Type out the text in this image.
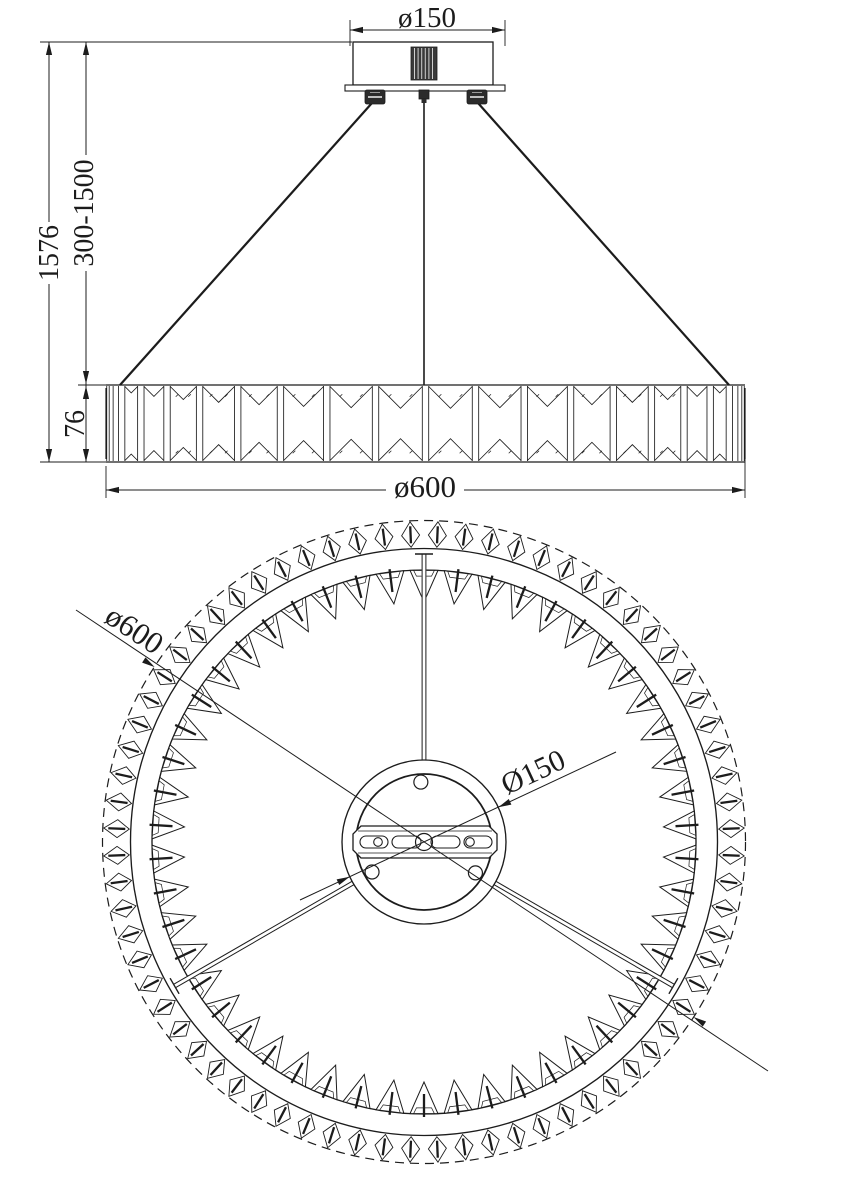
ø150
1576 300-1500
76
ø600
ø600
Ø150
